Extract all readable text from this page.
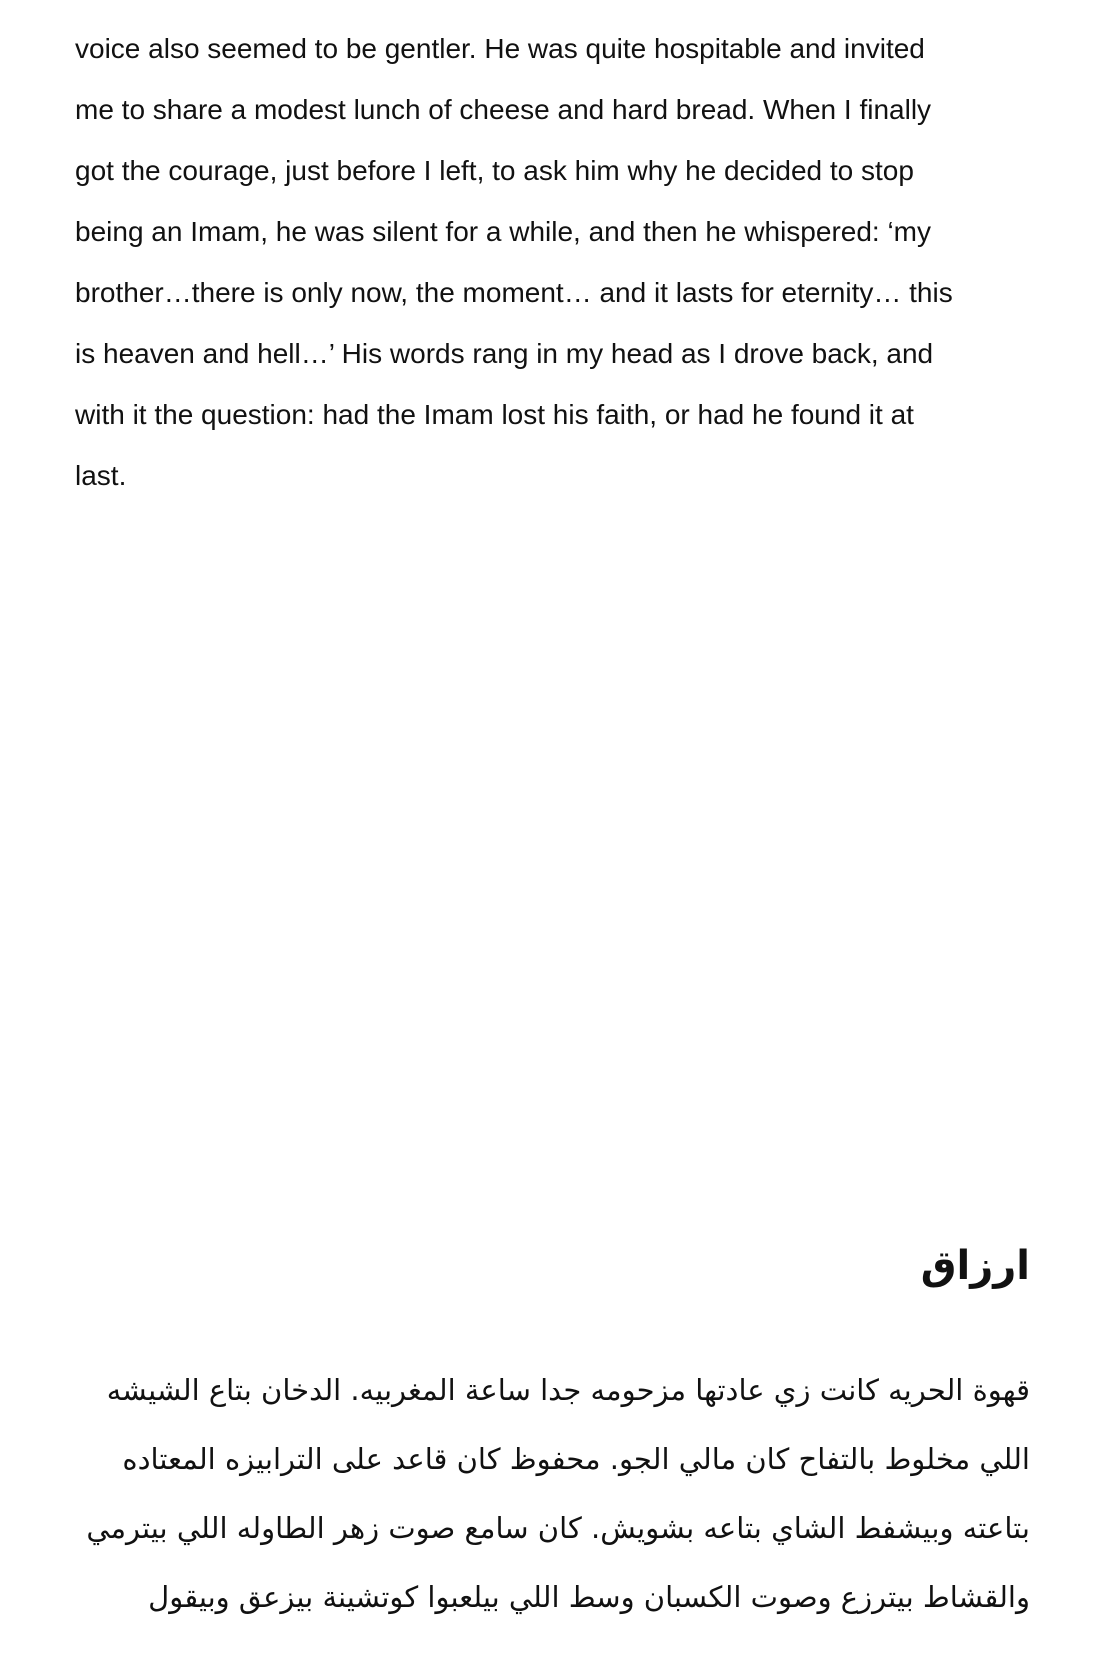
voice also seemed to be gentler. He was quite hospitable and invited
me to share a modest lunch of cheese and hard bread. When I finally
got the courage, just before I left, to ask him why he decided to stop
being an Imam, he was silent for a while, and then he whispered: ‘my
brother…there is only now, the moment… and it lasts for eternity… this
is heaven and hell…’ His words rang in my head as I drove back, and
with it the question: had the Imam lost his faith, or had he found it at
last.

ارزاق

قهوة الحريه كانت زي عادتها مزحومه جدا ساعة المغربيه. الدخان بتاع الشيشه
اللي مخلوط بالتفاح كان مالي الجو. محفوظ كان قاعد على الترابيزه المعتاده
بتاعته وبيشفط الشاي بتاعه بشويش. كان سامع صوت زهر الطاوله اللي بيترمي
والقشاط بيترزع وصوت الكسبان وسط اللي بيلعبوا كوتشينة بيزعق وبيقول
